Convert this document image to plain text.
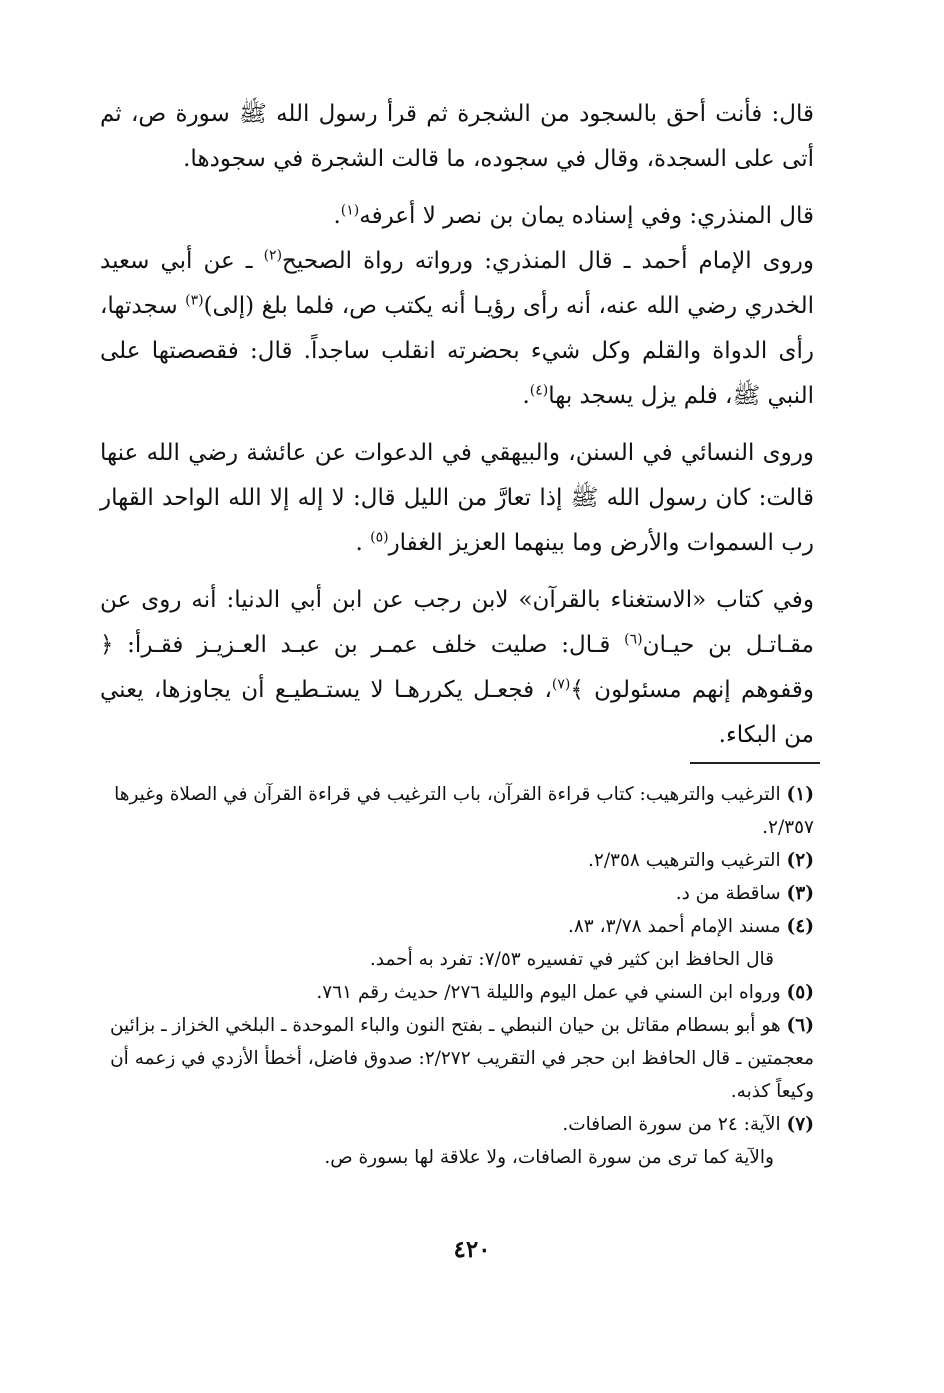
قال: فأنت أحق بالسجود من الشجرة ثم قرأ رسول الله ﷺ سورة ص، ثم أتى على السجدة، وقال في سجوده، ما قالت الشجرة في سجودها.

قال المنذري: وفي إسناده يمان بن نصر لا أعرفه$^{(١)}$.

وروى الإمام أحمد ـ قال المنذري: ورواته رواة الصحيح$^{(٢)}$ ـ عن أبي سعيد الخدري رضي الله عنه، أنه رأى رؤيـا أنه يكتب ص، فلما بلغ (إلى)$^{(٣)}$ سجدتها، رأى الدواة والقلم وكل شيء بحضرته انقلب ساجداً. قال: فقصصتها على النبي ﷺ، فلم يزل يسجد بها$^{(٤)}$.

وروى النسائي في السنن، والبيهقي في الدعوات عن عائشة رضي الله عنها قالت: كان رسول الله ﷺ إذا تعارَّ من الليل قال: لا إله إلا الله الواحد القهار رب السموات والأرض وما بينهما العزيز الغفار$^{(٥)}$ .

وفي كتاب «الاستغناء بالقرآن» لابن رجب عن ابن أبي الدنيا: أنه روى عن مقـاتـل بن حيـان$^{(٦)}$ قـال: صليت خلف عمـر بن عبـد العـزيـز فقـرأ: ﴿ وقفوهم إنهم مسئولون ﴾$^{(٧)}$، فجعـل يكررهـا لا يستـطيـع أن يجاوزها، يعني من البكاء.

(١) الترغيب والترهيب: كتاب قراءة القرآن، باب الترغيب في قراءة القرآن في الصلاة وغيرها ٢/٣٥٧.

(٢) الترغيب والترهيب ٢/٣٥٨.

(٣) ساقطة من د.

(٤) مسند الإمام أحمد ٣/٧٨، ٨٣.

قال الحافظ ابن كثير في تفسيره ٧/٥٣: تفرد به أحمد.

(٥) ورواه ابن السني في عمل اليوم والليلة ٢٧٦/ حديث رقم ٧٦١.

(٦) هو أبو بسطام مقاتل بن حيان النبطي ـ بفتح النون والباء الموحدة ـ البلخي الخزاز ـ بزائين معجمتين ـ قال الحافظ ابن حجر في التقريب ٢/٢٧٢: صدوق فاضل، أخطأ الأزدي في زعمه أن وكيعاً كذبه.

(٧) الآية: ٢٤ من سورة الصافات.

والآية كما ترى من سورة الصافات، ولا علاقة لها بسورة ص.

٤٢٠
